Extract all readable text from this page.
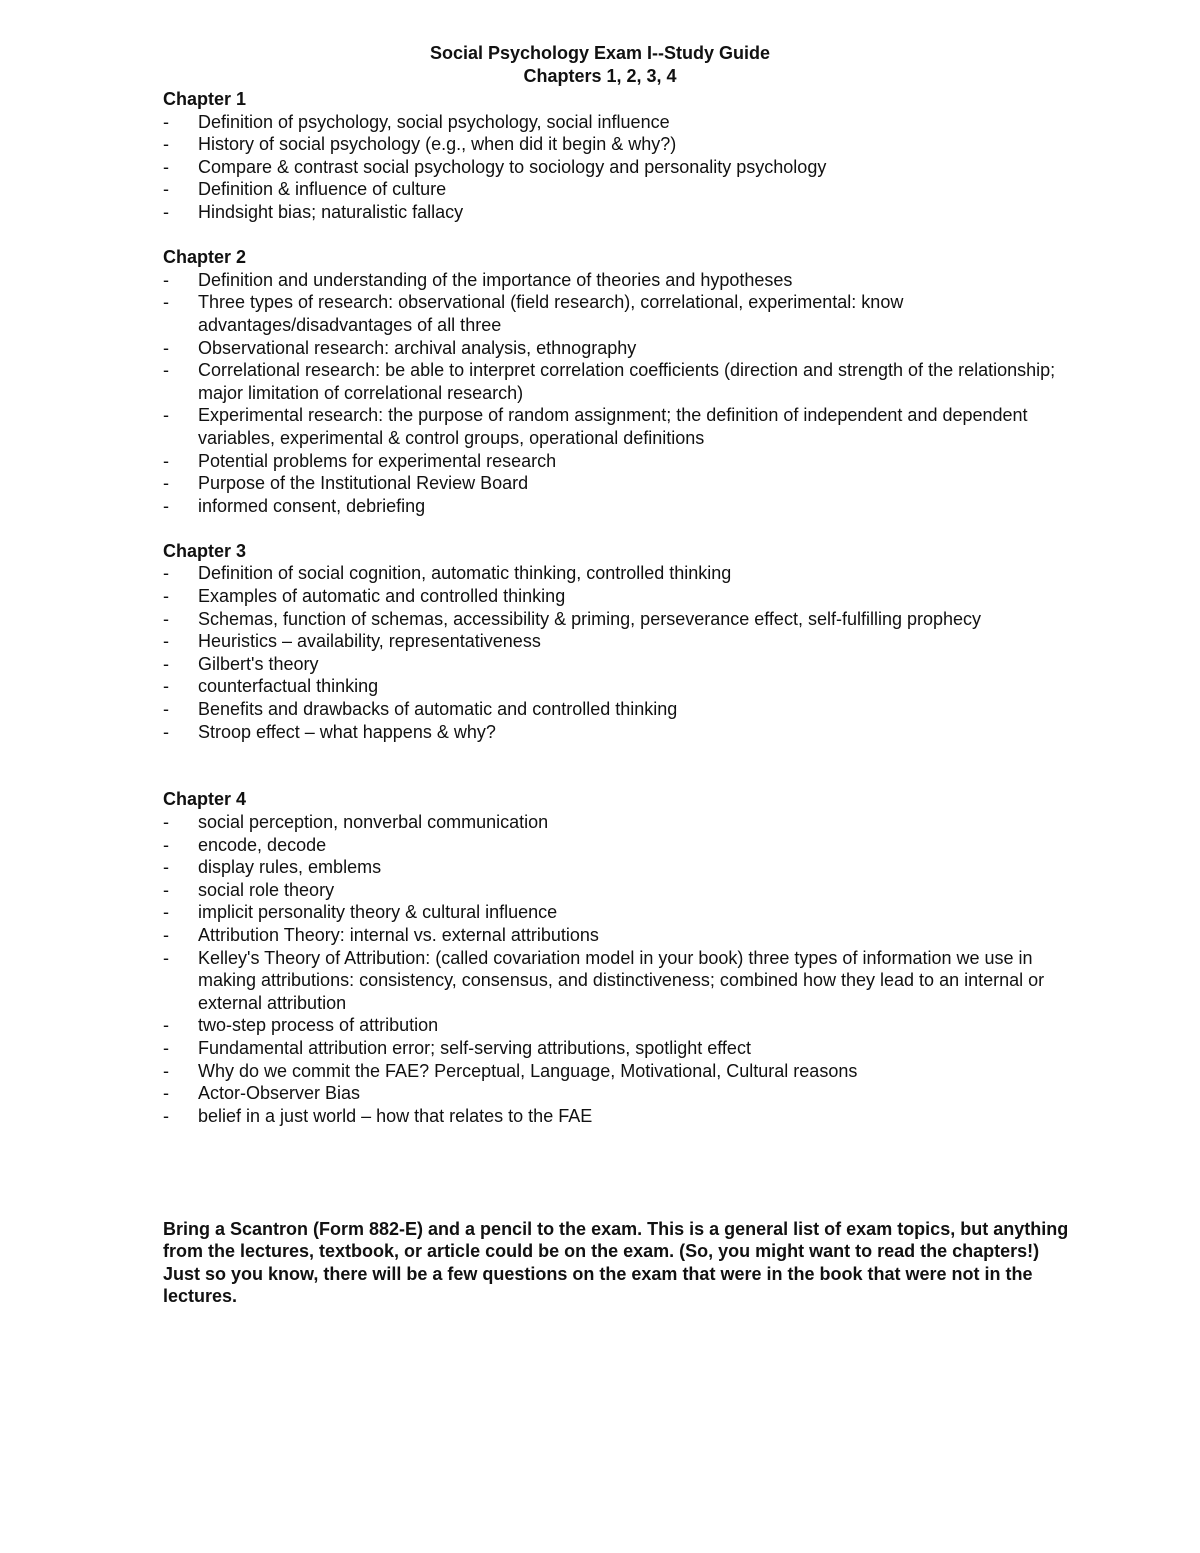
Social Psychology Exam I--Study Guide
Chapters 1, 2, 3, 4
Chapter 1
- Definition of psychology, social psychology, social influence
- History of social psychology (e.g., when did it begin & why?)
- Compare & contrast social psychology to sociology and personality psychology
- Definition & influence of culture
- Hindsight bias; naturalistic fallacy
Chapter 2
- Definition and understanding of the importance of theories and hypotheses
- Three types of research: observational (field research), correlational, experimental: know advantages/disadvantages of all three
- Observational research: archival analysis, ethnography
- Correlational research: be able to interpret correlation coefficients (direction and strength of the relationship; major limitation of correlational research)
- Experimental research: the purpose of random assignment; the definition of independent and dependent variables, experimental & control groups, operational definitions
- Potential problems for experimental research
- Purpose of the Institutional Review Board
- informed consent, debriefing
Chapter 3
- Definition of social cognition, automatic thinking, controlled thinking
- Examples of automatic and controlled thinking
- Schemas, function of schemas, accessibility & priming, perseverance effect, self-fulfilling prophecy
- Heuristics – availability, representativeness
- Gilbert's theory
- counterfactual thinking
- Benefits and drawbacks of automatic and controlled thinking
- Stroop effect – what happens & why?
Chapter 4
- social perception, nonverbal communication
- encode, decode
- display rules, emblems
- social role theory
- implicit personality theory & cultural influence
- Attribution Theory: internal vs. external attributions
- Kelley's Theory of Attribution: (called covariation model in your book) three types of information we use in making attributions: consistency, consensus, and distinctiveness; combined how they lead to an internal or external attribution
- two-step process of attribution
- Fundamental attribution error; self-serving attributions, spotlight effect
- Why do we commit the FAE? Perceptual, Language, Motivational, Cultural reasons
- Actor-Observer Bias
- belief in a just world – how that relates to the FAE

Bring a Scantron (Form 882-E) and a pencil to the exam. This is a general list of exam topics, but anything from the lectures, textbook, or article could be on the exam. (So, you might want to read the chapters!) Just so you know, there will be a few questions on the exam that were in the book that were not in the lectures.
